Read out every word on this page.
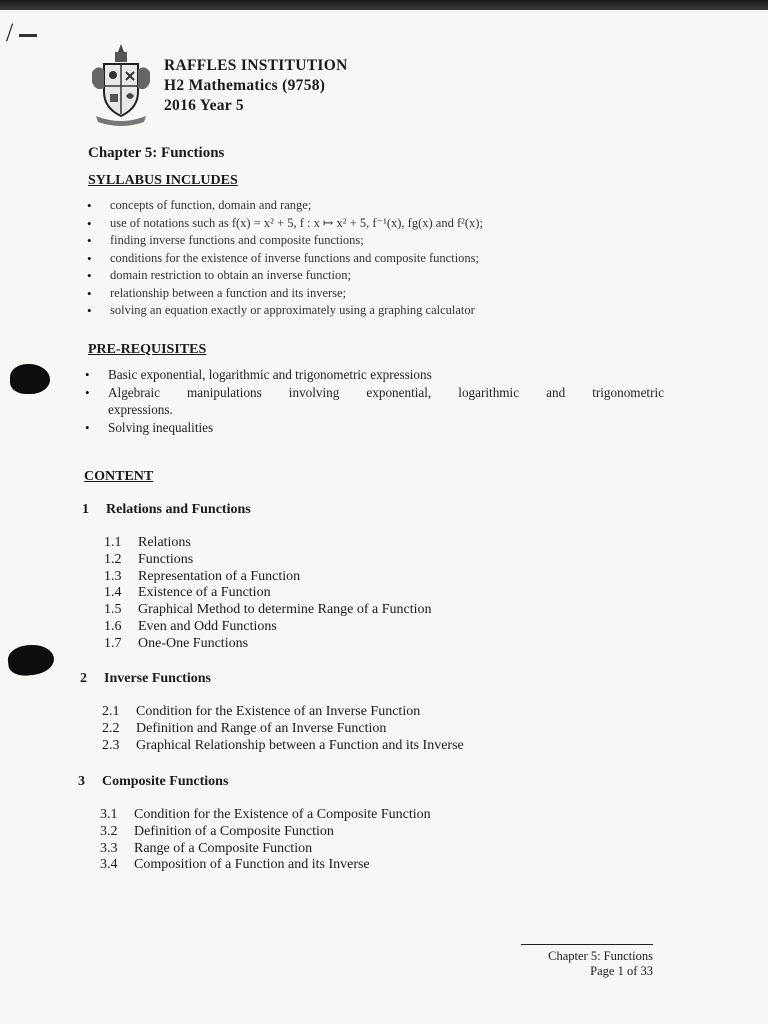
/
RAFFLES INSTITUTION
H2 Mathematics (9758)
2016 Year 5
Chapter 5: Functions
SYLLABUS INCLUDES
• concepts of function, domain and range;
• use of notations such as f(x) = x² + 5, f : x ↦ x² + 5, f⁻¹(x), fg(x) and f²(x);
• finding inverse functions and composite functions;
• conditions for the existence of inverse functions and composite functions;
• domain restriction to obtain an inverse function;
• relationship between a function and its inverse;
• solving an equation exactly or approximately using a graphing calculator
PRE-REQUISITES
• Basic exponential, logarithmic and trigonometric expressions
• Algebraic manipulations involving exponential, logarithmic and trigonometric
expressions.
• Solving inequalities
CONTENT
1 Relations and Functions
1.1	Relations
1.2	Functions
1.3	Representation of a Function
1.4	Existence of a Function
1.5	Graphical Method to determine Range of a Function
1.6	Even and Odd Functions
1.7	One-One Functions
2 Inverse Functions
2.1	Condition for the Existence of an Inverse Function
2.2	Definition and Range of an Inverse Function
2.3	Graphical Relationship between a Function and its Inverse
3 Composite Functions
3.1	Condition for the Existence of a Composite Function
3.2	Definition of a Composite Function
3.3	Range of a Composite Function
3.4	Composition of a Function and its Inverse
Chapter 5: Functions
Page 1 of 33
